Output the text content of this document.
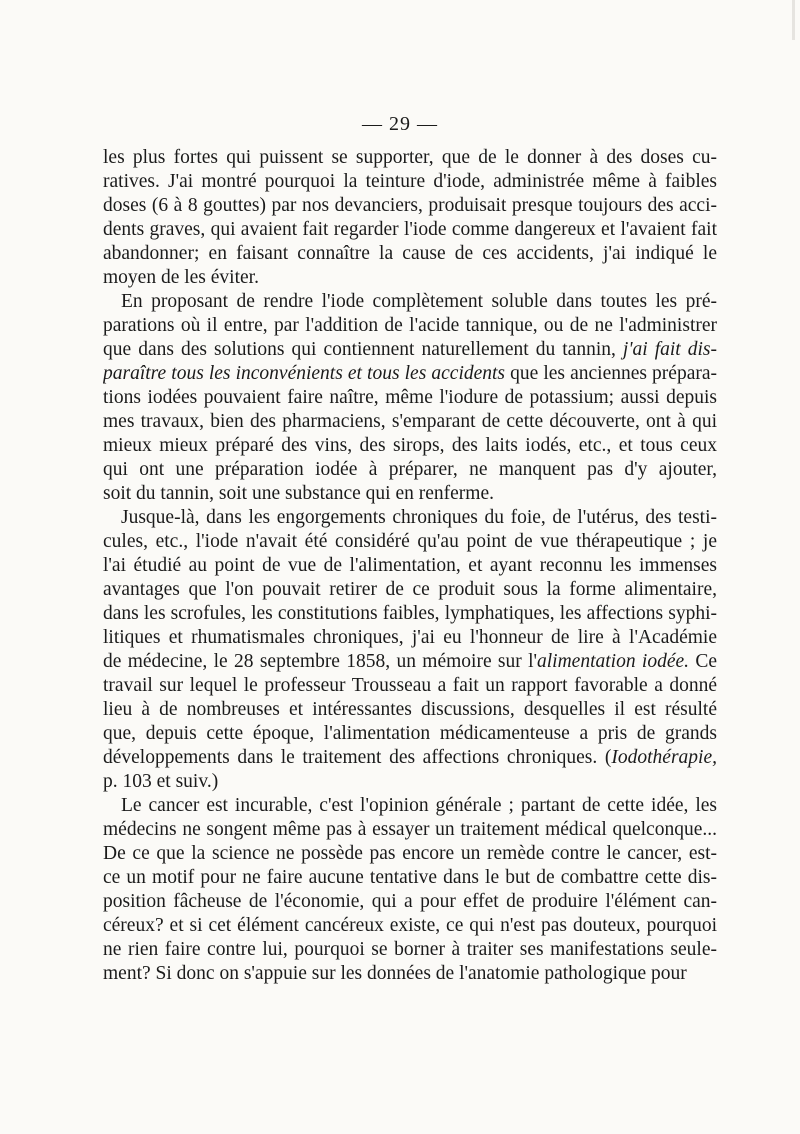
— 29 —
les plus fortes qui puissent se supporter, que de le donner à des doses cu-
ratives. J'ai montré pourquoi la teinture d'iode, administrée même à faibles
doses (6 à 8 gouttes) par nos devanciers, produisait presque toujours des acci-
dents graves, qui avaient fait regarder l'iode comme dangereux et l'avaient fait
abandonner; en faisant connaître la cause de ces accidents, j'ai indiqué le
moyen de les éviter.
En proposant de rendre l'iode complètement soluble dans toutes les pré-
parations où il entre, par l'addition de l'acide tannique, ou de ne l'administrer
que dans des solutions qui contiennent naturellement du tannin, j'ai fait dis-
paraître tous les inconvénients et tous les accidents que les anciennes prépara-
tions iodées pouvaient faire naître, même l'iodure de potassium; aussi depuis
mes travaux, bien des pharmaciens, s'emparant de cette découverte, ont à qui
mieux mieux préparé des vins, des sirops, des laits iodés, etc., et tous ceux
qui ont une préparation iodée à préparer, ne manquent pas d'y ajouter,
soit du tannin, soit une substance qui en renferme.
Jusque-là, dans les engorgements chroniques du foie, de l'utérus, des testi-
cules, etc., l'iode n'avait été considéré qu'au point de vue thérapeutique ; je
l'ai étudié au point de vue de l'alimentation, et ayant reconnu les immenses
avantages que l'on pouvait retirer de ce produit sous la forme alimentaire,
dans les scrofules, les constitutions faibles, lymphatiques, les affections syphi-
litiques et rhumatismales chroniques, j'ai eu l'honneur de lire à l'Académie
de médecine, le 28 septembre 1858, un mémoire sur l'alimentation iodée. Ce
travail sur lequel le professeur Trousseau a fait un rapport favorable a donné
lieu à de nombreuses et intéressantes discussions, desquelles il est résulté
que, depuis cette époque, l'alimentation médicamenteuse a pris de grands
développements dans le traitement des affections chroniques. (Iodothérapie,
p. 103 et suiv.)
Le cancer est incurable, c'est l'opinion générale ; partant de cette idée, les
médecins ne songent même pas à essayer un traitement médical quelconque...
De ce que la science ne possède pas encore un remède contre le cancer, est-
ce un motif pour ne faire aucune tentative dans le but de combattre cette dis-
position fâcheuse de l'économie, qui a pour effet de produire l'élément can-
céreux? et si cet élément cancéreux existe, ce qui n'est pas douteux, pourquoi
ne rien faire contre lui, pourquoi se borner à traiter ses manifestations seule-
ment? Si donc on s'appuie sur les données de l'anatomie pathologique pour
